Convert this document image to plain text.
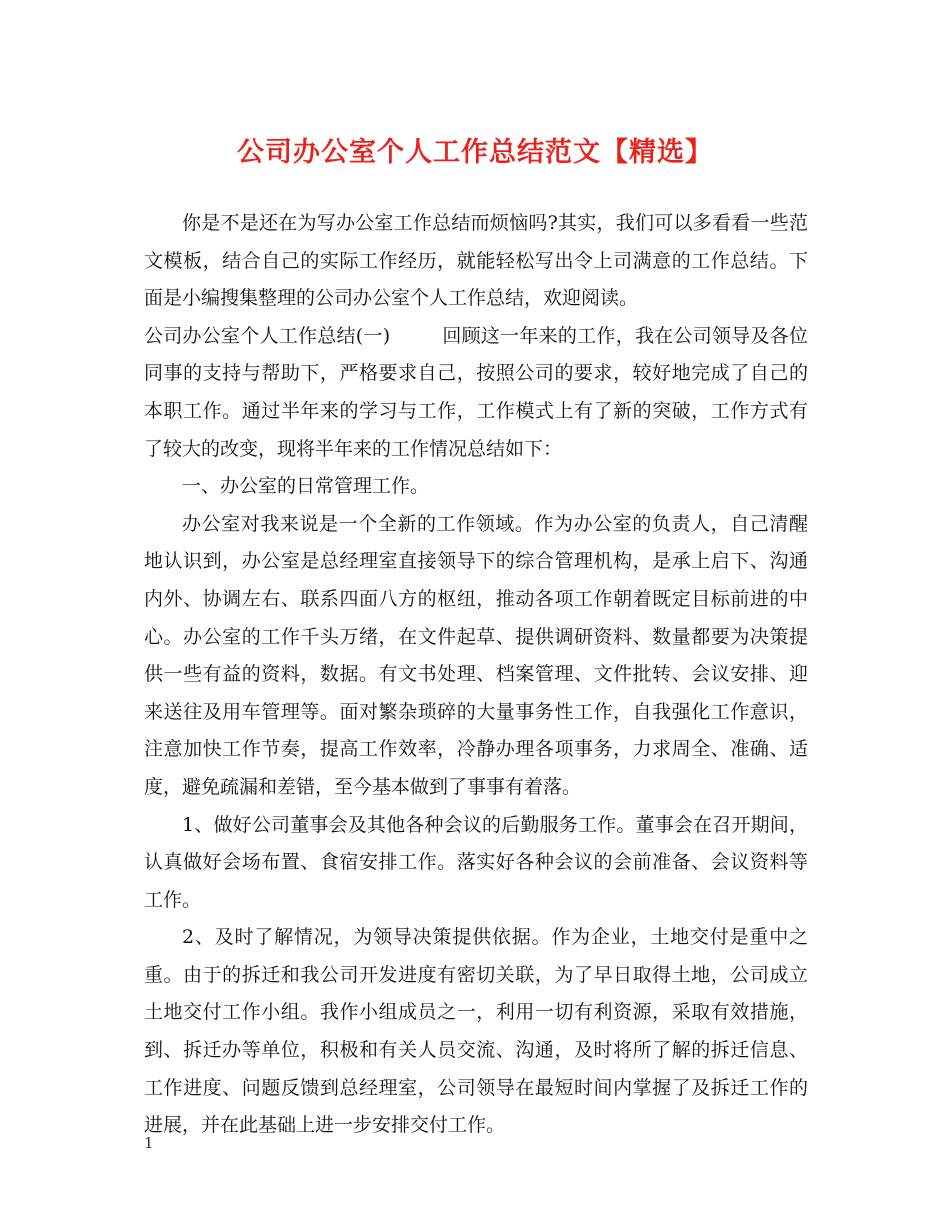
公司办公室个人工作总结范文【精选】

你是不是还在为写办公室工作总结而烦恼吗?其实，我们可以多看看一些范文模板，结合自己的实际工作经历，就能轻松写出令上司满意的工作总结。下面是小编搜集整理的公司办公室个人工作总结，欢迎阅读。

公司办公室个人工作总结(一)	回顾这一年来的工作，我在公司领导及各位同事的支持与帮助下，严格要求自己，按照公司的要求，较好地完成了自己的本职工作。通过半年来的学习与工作，工作模式上有了新的突破，工作方式有了较大的改变，现将半年来的工作情况总结如下：

一、办公室的日常管理工作。

办公室对我来说是一个全新的工作领域。作为办公室的负责人，自己清醒地认识到，办公室是总经理室直接领导下的综合管理机构，是承上启下、沟通内外、协调左右、联系四面八方的枢纽，推动各项工作朝着既定目标前进的中心。办公室的工作千头万绪，在文件起草、提供调研资料、数量都要为决策提供一些有益的资料，数据。有文书处理、档案管理、文件批转、会议安排、迎来送往及用车管理等。面对繁杂琐碎的大量事务性工作，自我强化工作意识，注意加快工作节奏，提高工作效率，冷静办理各项事务，力求周全、准确、适度，避免疏漏和差错，至今基本做到了事事有着落。

1、做好公司董事会及其他各种会议的后勤服务工作。董事会在召开期间，认真做好会场布置、食宿安排工作。落实好各种会议的会前准备、会议资料等工作。

2、及时了解情况，为领导决策提供依据。作为企业，土地交付是重中之重。由于的拆迁和我公司开发进度有密切关联，为了早日取得土地，公司成立土地交付工作小组。我作小组成员之一，利用一切有利资源，采取有效措施，到、拆迁办等单位，积极和有关人员交流、沟通，及时将所了解的拆迁信息、工作进度、问题反馈到总经理室，公司领导在最短时间内掌握了及拆迁工作的进展，并在此基础上进一步安排交付工作。

1
